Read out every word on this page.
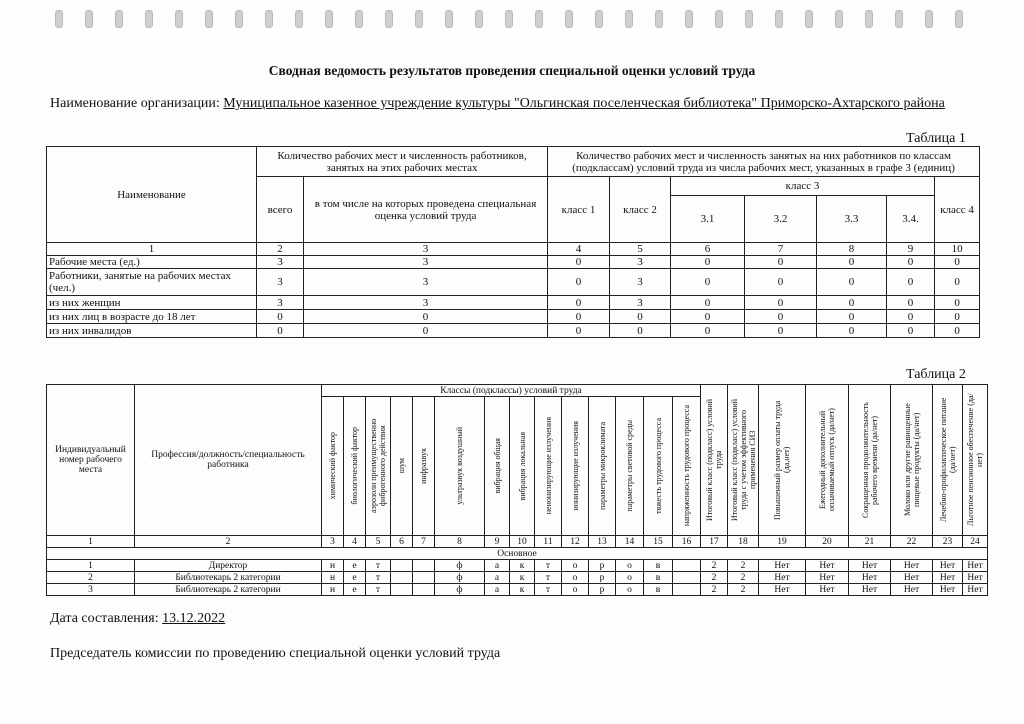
Сводная ведомость результатов проведения специальной оценки условий труда
Наименование организации: Муниципальное казенное учреждение культуры "Ольгинская поселенческая библиотека" Приморско-Ахтарского района
Таблица 1
Наименование	Количество рабочих мест и численность работников, занятых на этих рабочих местах		Количество рабочих мест и численность занятых на них работников по классам (подклассам) условий труда из числа рабочих мест, указанных в графе 3 (единиц)						
	всего	в том числе на которых проведена специальная оценка условий труда	класс 1	класс 2	класс 3				класс 4
					3.1	3.2	3.3	3.4.	
1	2	3	4	5	6	7	8	9	10
Рабочие места (ед.)	3	3	0	3	0	0	0	0	0
Работники, занятые на рабочих местах (чел.)	3	3	0	3	0	0	0	0	0
из них женщин	3	3	0	3	0	0	0	0	0
из них лиц в возрасте до 18 лет	0	0	0	0	0	0	0	0	0
из них инвалидов	0	0	0	0	0	0	0	0	0
Таблица 2
Индивидуальный номер рабочего места	Профессия/должность/специальность работника	Классы (подклассы) условий труда														Итоговый класс (подкласс) условий труда	Итоговый класс (подкласс) условий труда с учетом эффективного применения СИЗ	Повышенный размер оплаты труда (да,нет)	Ежегодный дополнительный оплачиваемый отпуск (да/нет)	Сокращенная продолжительность рабочего времени (да/нет)	Молоко или другие равноценные пищевые продукты (да/нет)	Лечебно-профилактическое питание (да/нет)	Льготное пенсионное обеспечение (да/нет)

		химический фактор	биологический фактор	аэрозоли преимущественно фиброгенного действия	шум	инфразвук	ультразвук воздушный	вибрация общая	вибрация локальная	неионизирующие излучения	ионизирующие излучения	параметры микроклимата	параметры световой среды	тяжесть трудового процесса	напряженность трудового процесса								

1	2	3	4	5	6	7	8	9	10	11	12	13	14	15	16	17	18	19	20	21	22	23	24
Основное																							
1	Директор	н	е	т			ф	а	к	т	о	р	о	в		2	2	Нет	Нет	Нет	Нет	Нет	Нет
2	Библиотекарь 2 категории	н	е	т			ф	а	к	т	о	р	о	в		2	2	Нет	Нет	Нет	Нет	Нет	Нет
3	Библиотекарь 2 категории	н	е	т			ф	а	к	т	о	р	о	в		2	2	Нет	Нет	Нет	Нет	Нет	Нет
Дата составления: 13.12.2022
Председатель комиссии по проведению специальной оценки условий труда
